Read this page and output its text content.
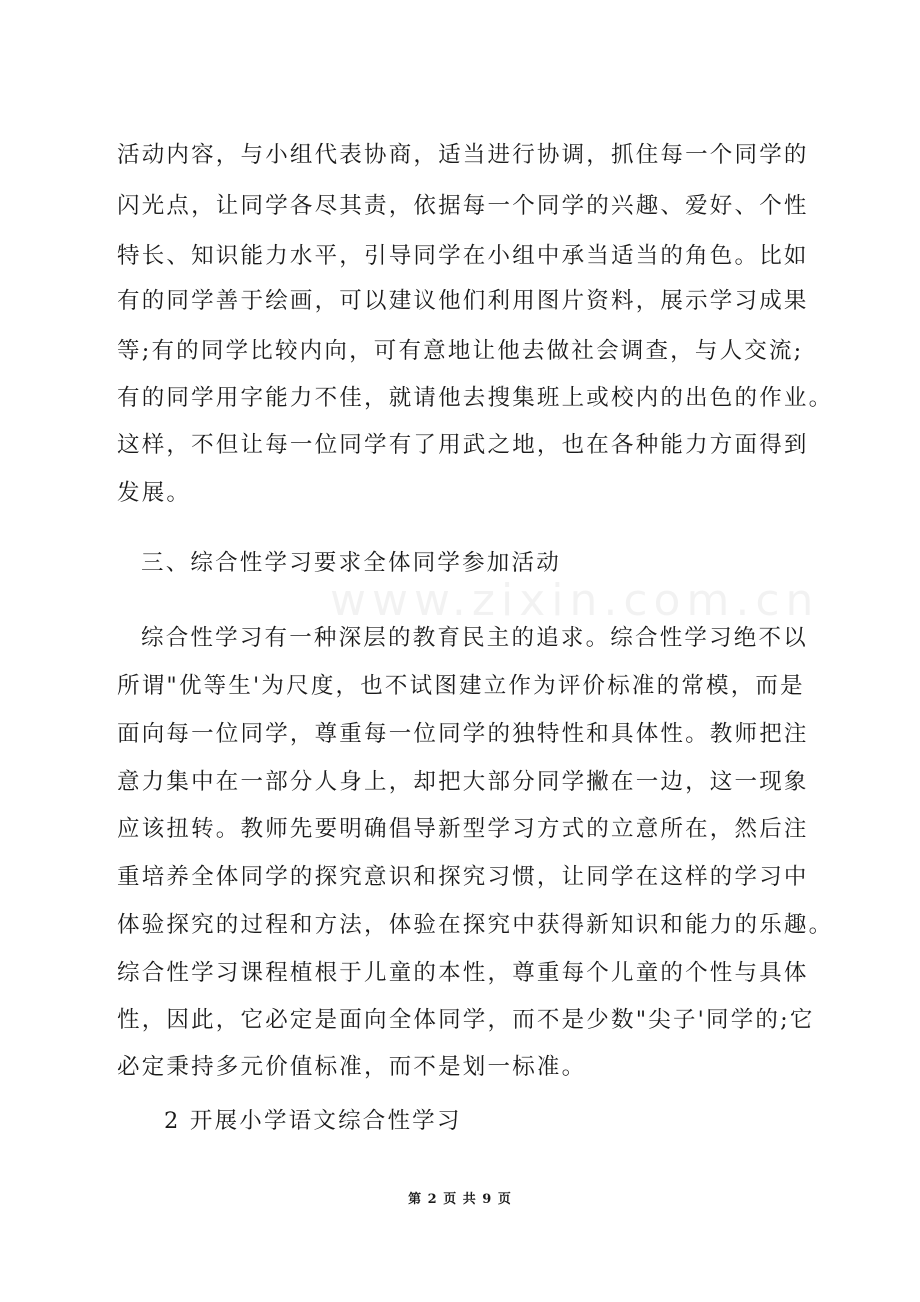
www.zixin.com.cn
活动内容，与小组代表协商，适当进行协调，抓住每一个同学的
闪光点，让同学各尽其责，依据每一个同学的兴趣、爱好、个性
特长、知识能力水平，引导同学在小组中承当适当的角色。比如
有的同学善于绘画，可以建议他们利用图片资料，展示学习成果
等;有的同学比较内向，可有意地让他去做社会调查，与人交流;
有的同学用字能力不佳，就请他去搜集班上或校内的出色的作业。
这样，不但让每一位同学有了用武之地，也在各种能力方面得到
发展。
三、综合性学习要求全体同学参加活动
综合性学习有一种深层的教育民主的追求。综合性学习绝不以
所谓"优等生'为尺度，也不试图建立作为评价标准的常模，而是
面向每一位同学，尊重每一位同学的独特性和具体性。教师把注
意力集中在一部分人身上，却把大部分同学撇在一边，这一现象
应该扭转。教师先要明确倡导新型学习方式的立意所在，然后注
重培养全体同学的探究意识和探究习惯，让同学在这样的学习中
体验探究的过程和方法，体验在探究中获得新知识和能力的乐趣。
综合性学习课程植根于儿童的本性，尊重每个儿童的个性与具体
性，因此，它必定是面向全体同学，而不是少数"尖子'同学的;它
必定秉持多元价值标准，而不是划一标准。
2 开展小学语文综合性学习
第 2 页 共 9 页
